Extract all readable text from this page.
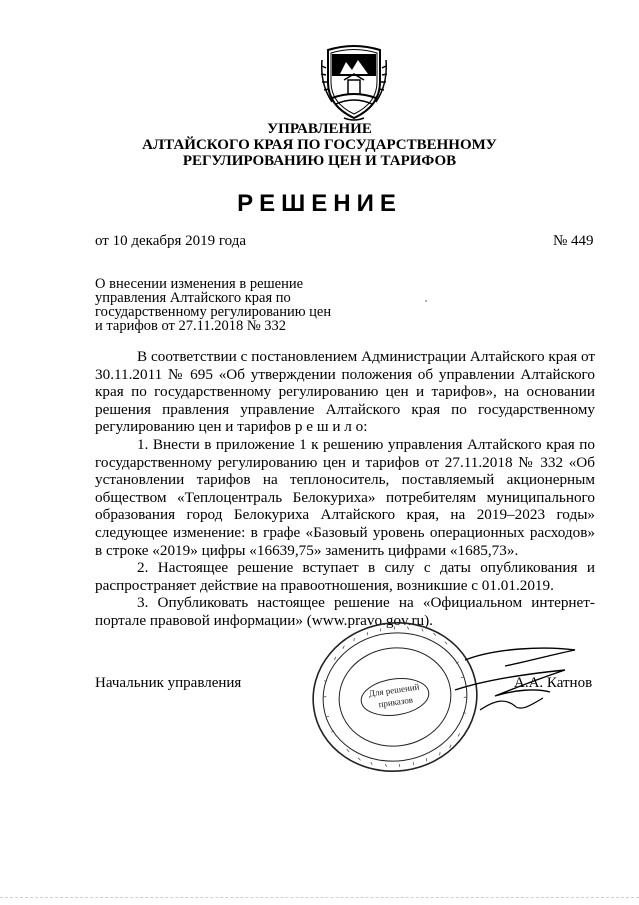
УПРАВЛЕНИЕ
АЛТАЙСКОГО КРАЯ ПО ГОСУДАРСТВЕННОМУ
РЕГУЛИРОВАНИЮ ЦЕН И ТАРИФОВ
РЕШЕНИЕ
от 10 декабря 2019 года	№ 449
О внесении изменения в решение
управления Алтайского края по
государственному регулированию цен
и тарифов от 27.11.2018 № 332

В соответствии с постановлением Администрации Алтайского края от 30.11.2011 № 695 «Об утверждении положения об управлении Алтайского края по государственному регулированию цен и тарифов», на основании решения правления управление Алтайского края по государственному регулированию цен и тарифов р е ш и л о:

1. Внести в приложение 1 к решению управления Алтайского края по государственному регулированию цен и тарифов от 27.11.2018 № 332 «Об установлении тарифов на теплоноситель, поставляемый акционерным обществом «Теплоцентраль Белокуриха» потребителям муниципального образования город Белокуриха Алтайского края, на 2019–2023 годы» следующее изменение: в графе «Базовый уровень операционных расходов» в строке «2019» цифры «16639,75» заменить цифрами «1685,73».

2. Настоящее решение вступает в силу с даты опубликования и распространяет действие на правоотношения, возникшие с 01.01.2019.

3. Опубликовать настоящее решение на «Официальном интернет-портале правовой информации» (www.pravo.gov.ru).

Для решений
приказов
Начальник управления	А.А. Катнов
